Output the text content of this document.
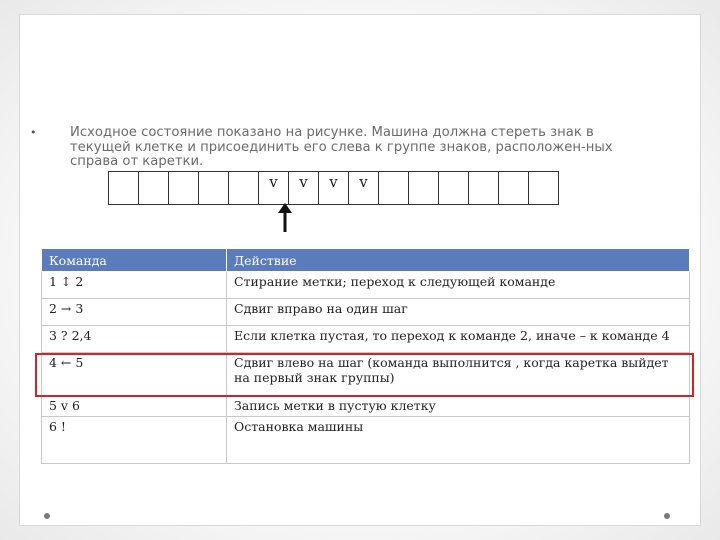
•	Исходное состояние показано на рисунке. Машина должна стереть знак в
текущей клетке и присоединить его слева к группе знаков, расположен-ных
справа от каретки.
v v v v
Команда	Действие
1 ↕ 2	Стирание метки; переход к следующей команде
2 → 3	Сдвиг вправо на один шаг
3 ? 2,4	Если клетка пустая, то переход к команде 2, иначе – к команде 4
4 ← 5	Сдвиг влево на шаг (команда выполнится , когда каретка выйдет на первый знак группы)
5 v 6	Запись метки в пустую клетку
6 !	Остановка машины
